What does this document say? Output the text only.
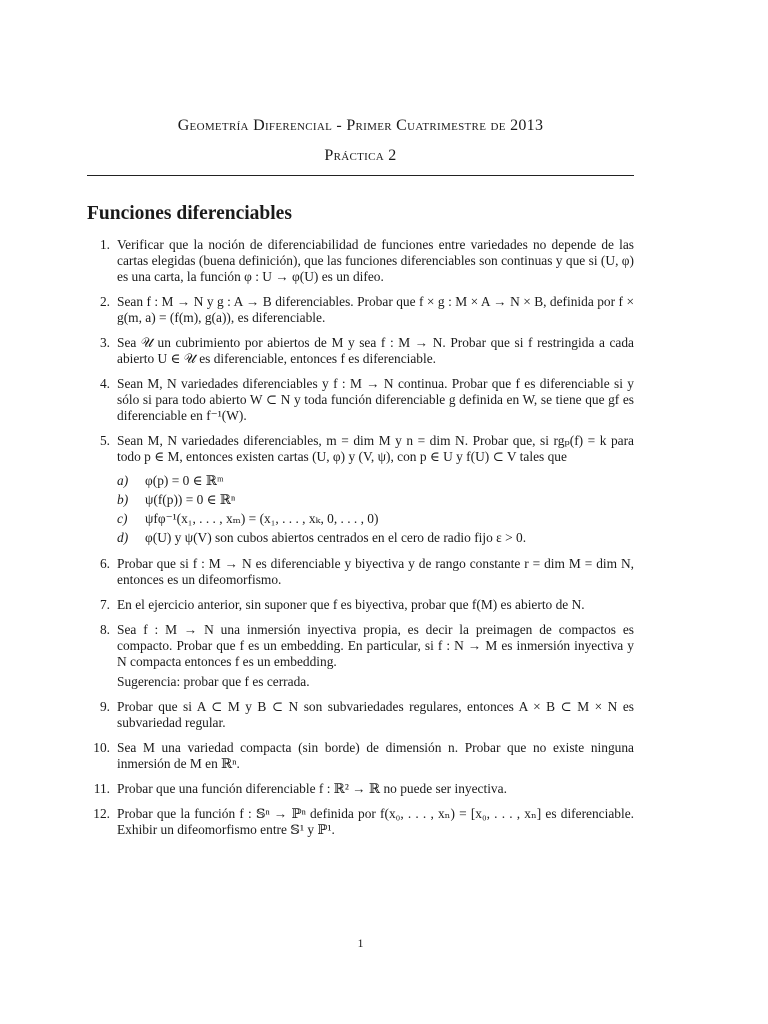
Geometría Diferencial - Primer Cuatrimestre de 2013
Práctica 2
Funciones diferenciables
1. Verificar que la noción de diferenciabilidad de funciones entre variedades no depende de las cartas elegidas (buena definición), que las funciones diferenciables son continuas y que si (U, φ) es una carta, la función φ : U → φ(U) es un difeo.

2. Sean f : M → N y g : A → B diferenciables. Probar que f × g : M × A → N × B, definida por f × g(m, a) = (f(m), g(a)), es diferenciable.

3. Sea 𝒰 un cubrimiento por abiertos de M y sea f : M → N. Probar que si f restringida a cada abierto U ∈ 𝒰 es diferenciable, entonces f es diferenciable.

4. Sean M, N variedades diferenciables y f : M → N continua. Probar que f es diferenciable si y sólo si para todo abierto W ⊂ N y toda función diferenciable g definida en W, se tiene que gf es diferenciable en f⁻¹(W).

5. Sean M, N variedades diferenciables, m = dim M y n = dim N. Probar que, si rgₚ(f) = k para todo p ∈ M, entonces existen cartas (U, φ) y (V, ψ), con p ∈ U y f(U) ⊂ V tales que

a) φ(p) = 0 ∈ ℝᵐ
b) ψ(f(p)) = 0 ∈ ℝⁿ
c) ψfφ⁻¹(x₁, . . . , xₘ) = (x₁, . . . , xₖ, 0, . . . , 0)
d) φ(U) y ψ(V) son cubos abiertos centrados en el cero de radio fijo ε > 0.
6. Probar que si f : M → N es diferenciable y biyectiva y de rango constante r = dim M = dim N, entonces es un difeomorfismo.

7. En el ejercicio anterior, sin suponer que f es biyectiva, probar que f(M) es abierto de N.

8. Sea f : M → N una inmersión inyectiva propia, es decir la preimagen de compactos es compacto. Probar que f es un embedding. En particular, si f : N → M es inmersión inyectiva y N compacta entonces f es un embedding.

Sugerencia: probar que f es cerrada.

9. Probar que si A ⊂ M y B ⊂ N son subvariedades regulares, entonces A × B ⊂ M × N es subvariedad regular.

10. Sea M una variedad compacta (sin borde) de dimensión n. Probar que no existe ninguna inmersión de M en ℝⁿ.

11. Probar que una función diferenciable f : ℝ² → ℝ no puede ser inyectiva.

12. Probar que la función f : 𝕊ⁿ → ℙⁿ definida por f(x₀, . . . , xₙ) = [x₀, . . . , xₙ] es diferenciable. Exhibir un difeomorfismo entre 𝕊¹ y ℙ¹.

1
